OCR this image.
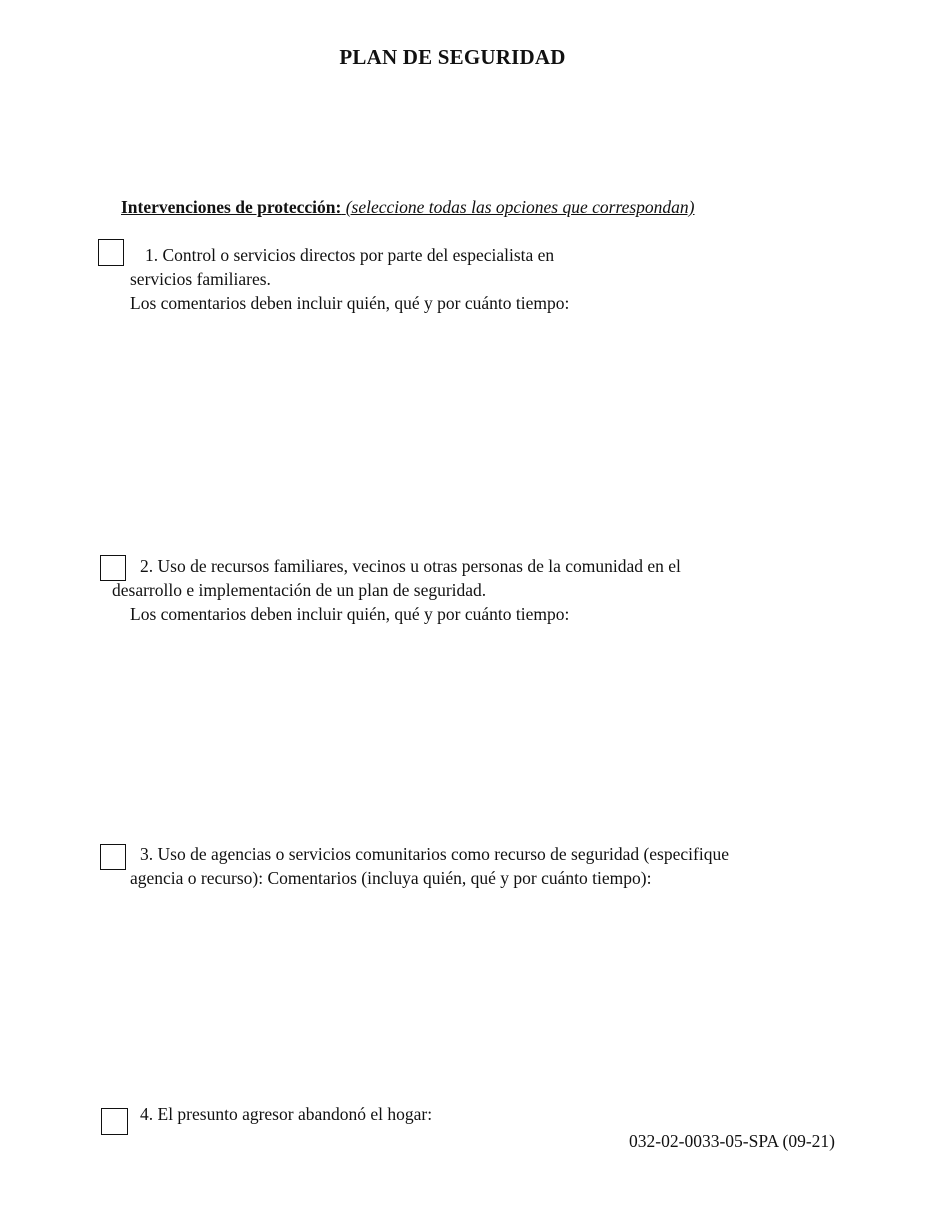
PLAN DE SEGURIDAD
Intervenciones de protección: (seleccione todas las opciones que correspondan)
1. Control o servicios directos por parte del especialista en
servicios familiares.
Los comentarios deben incluir quién, qué y por cuánto tiempo:
2. Uso de recursos familiares, vecinos u otras personas de la comunidad en el
desarrollo e implementación de un plan de seguridad.
Los comentarios deben incluir quién, qué y por cuánto tiempo:
3. Uso de agencias o servicios comunitarios como recurso de seguridad (especifique
agencia o recurso): Comentarios (incluya quién, qué y por cuánto tiempo):
4. El presunto agresor abandonó el hogar:
032-02-0033-05-SPA (09-21)
